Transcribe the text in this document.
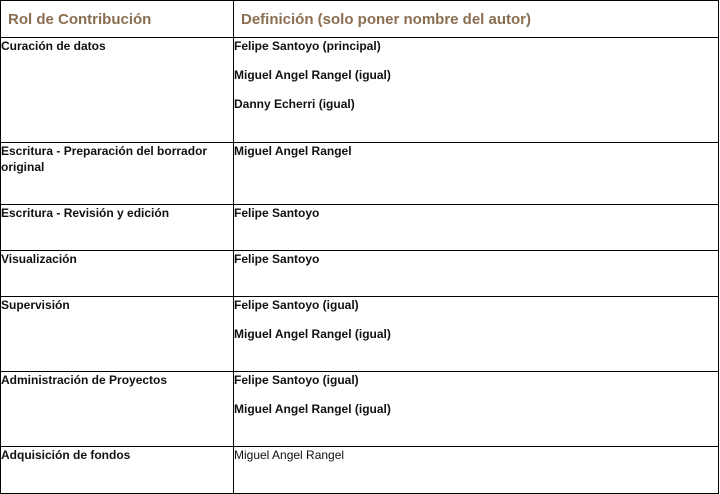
Rol de Contribución	Definición (solo poner nombre del autor)
Curación de datos	Felipe Santoyo (principal)
Miguel Angel Rangel (igual)
Danny Echerri (igual)

Escritura - Preparación del borrador original	Miguel Angel Rangel

Escritura - Revisión y edición	Felipe Santoyo

Visualización	Felipe Santoyo

Supervisión	Felipe Santoyo (igual)
Miguel Angel Rangel (igual)

Administración de Proyectos	Felipe Santoyo (igual)
Miguel Angel Rangel (igual)

Adquisición de fondos	Miguel Angel Rangel
